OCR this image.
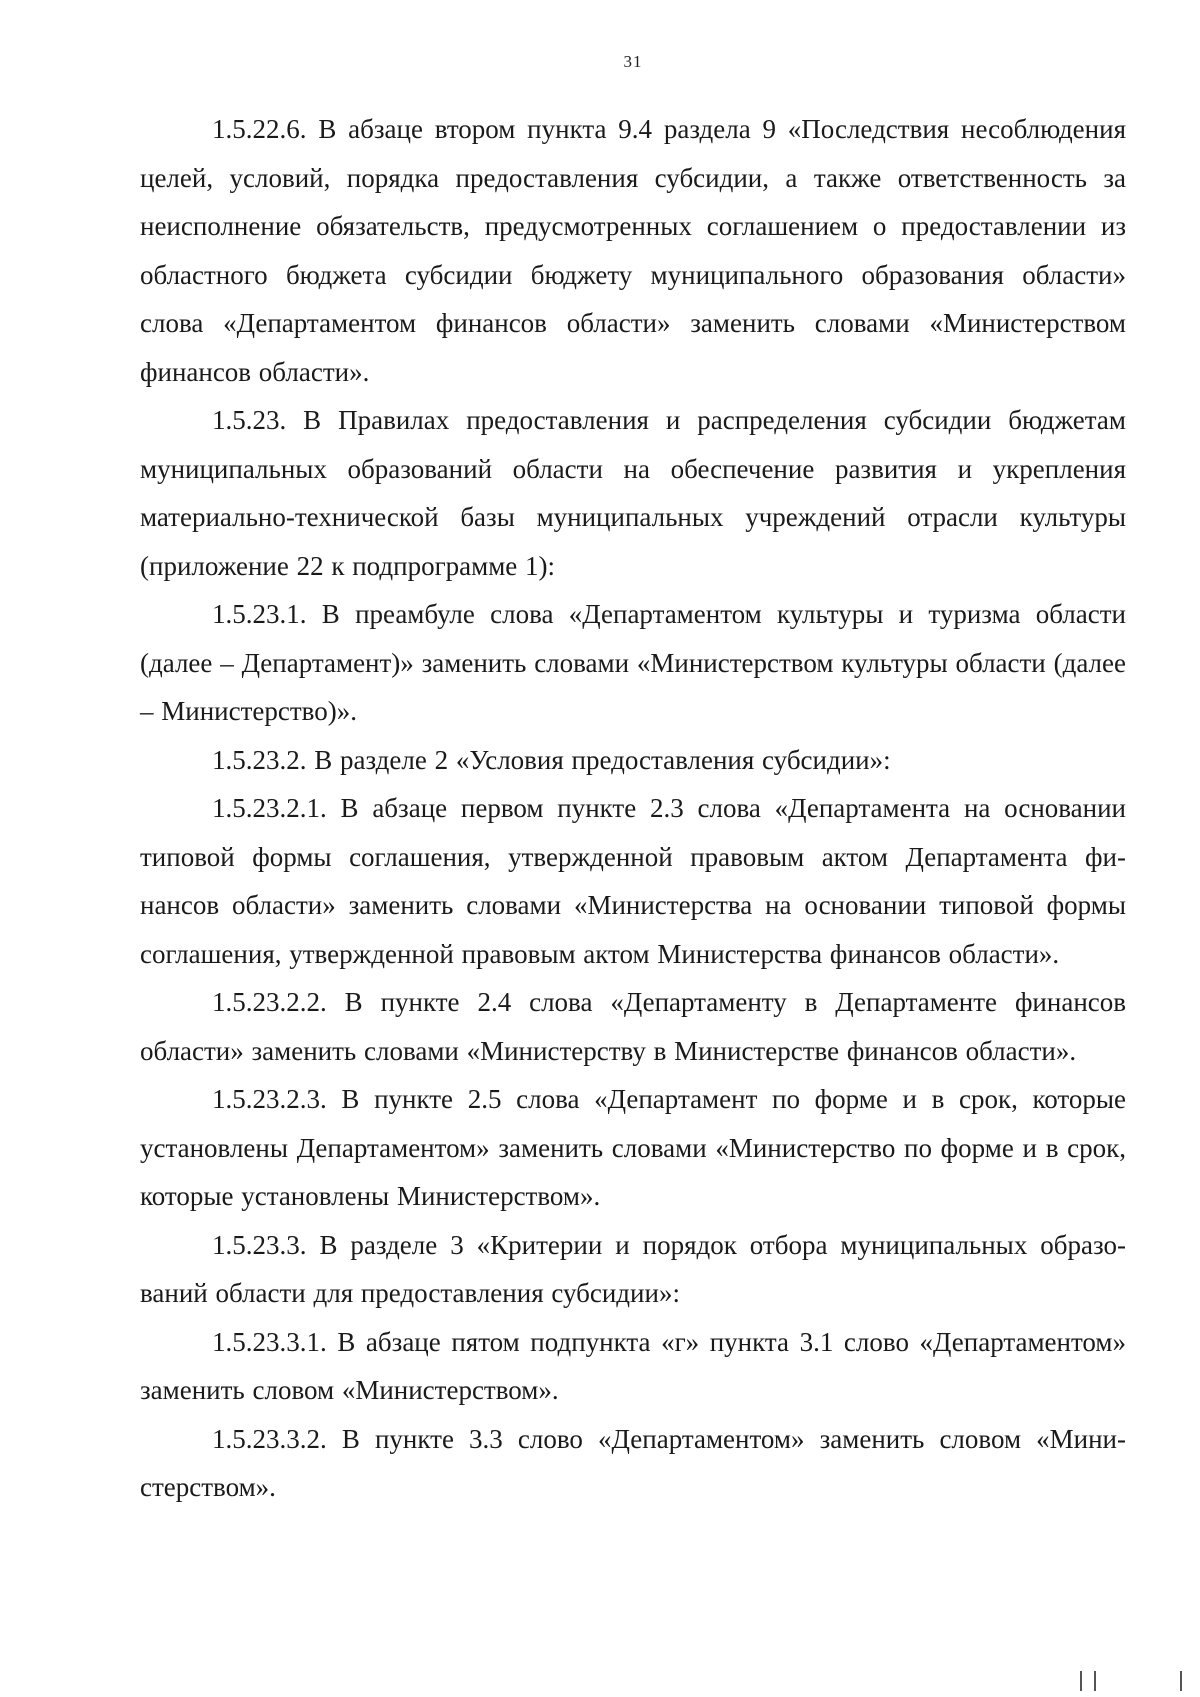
31

1.5.22.6. В абзаце втором пункта 9.4 раздела 9 «Последствия несоблюдения целей, условий, порядка предоставления субсидии, а также ответственность за неисполнение обязательств, предусмотренных соглашением о предоставлении из областного бюджета субсидии бюджету муниципального образования области» слова «Департаментом финансов области» заменить словами «Министерством финансов области».

1.5.23. В Правилах предоставления и распределения субсидии бюджетам муниципальных образований области на обеспечение развития и укрепления материально-технической базы муниципальных учреждений отрасли культуры (приложение 22 к подпрограмме 1):

1.5.23.1. В преамбуле слова «Департаментом культуры и туризма области (далее – Департамент)» заменить словами «Министерством культуры области (далее – Министерство)».

1.5.23.2. В разделе 2 «Условия предоставления субсидии»:

1.5.23.2.1. В абзаце первом пункте 2.3 слова «Департамента на основании типовой формы соглашения, утвержденной правовым актом Департамента финансов области» заменить словами «Министерства на основании типовой формы соглашения, утвержденной правовым актом Министерства финансов области».

1.5.23.2.2. В пункте 2.4 слова «Департаменту в Департаменте финансов области» заменить словами «Министерству в Министерстве финансов области».

1.5.23.2.3. В пункте 2.5 слова «Департамент по форме и в срок, которые установлены Департаментом» заменить словами «Министерство по форме и в срок, которые установлены Министерством».

1.5.23.3. В разделе 3 «Критерии и порядок отбора муниципальных образований области для предоставления субсидии»:

1.5.23.3.1. В абзаце пятом подпункта «г» пункта 3.1 слово «Департаментом» заменить словом «Министерством».

1.5.23.3.2. В пункте 3.3 слово «Департаментом» заменить словом «Министерством».
